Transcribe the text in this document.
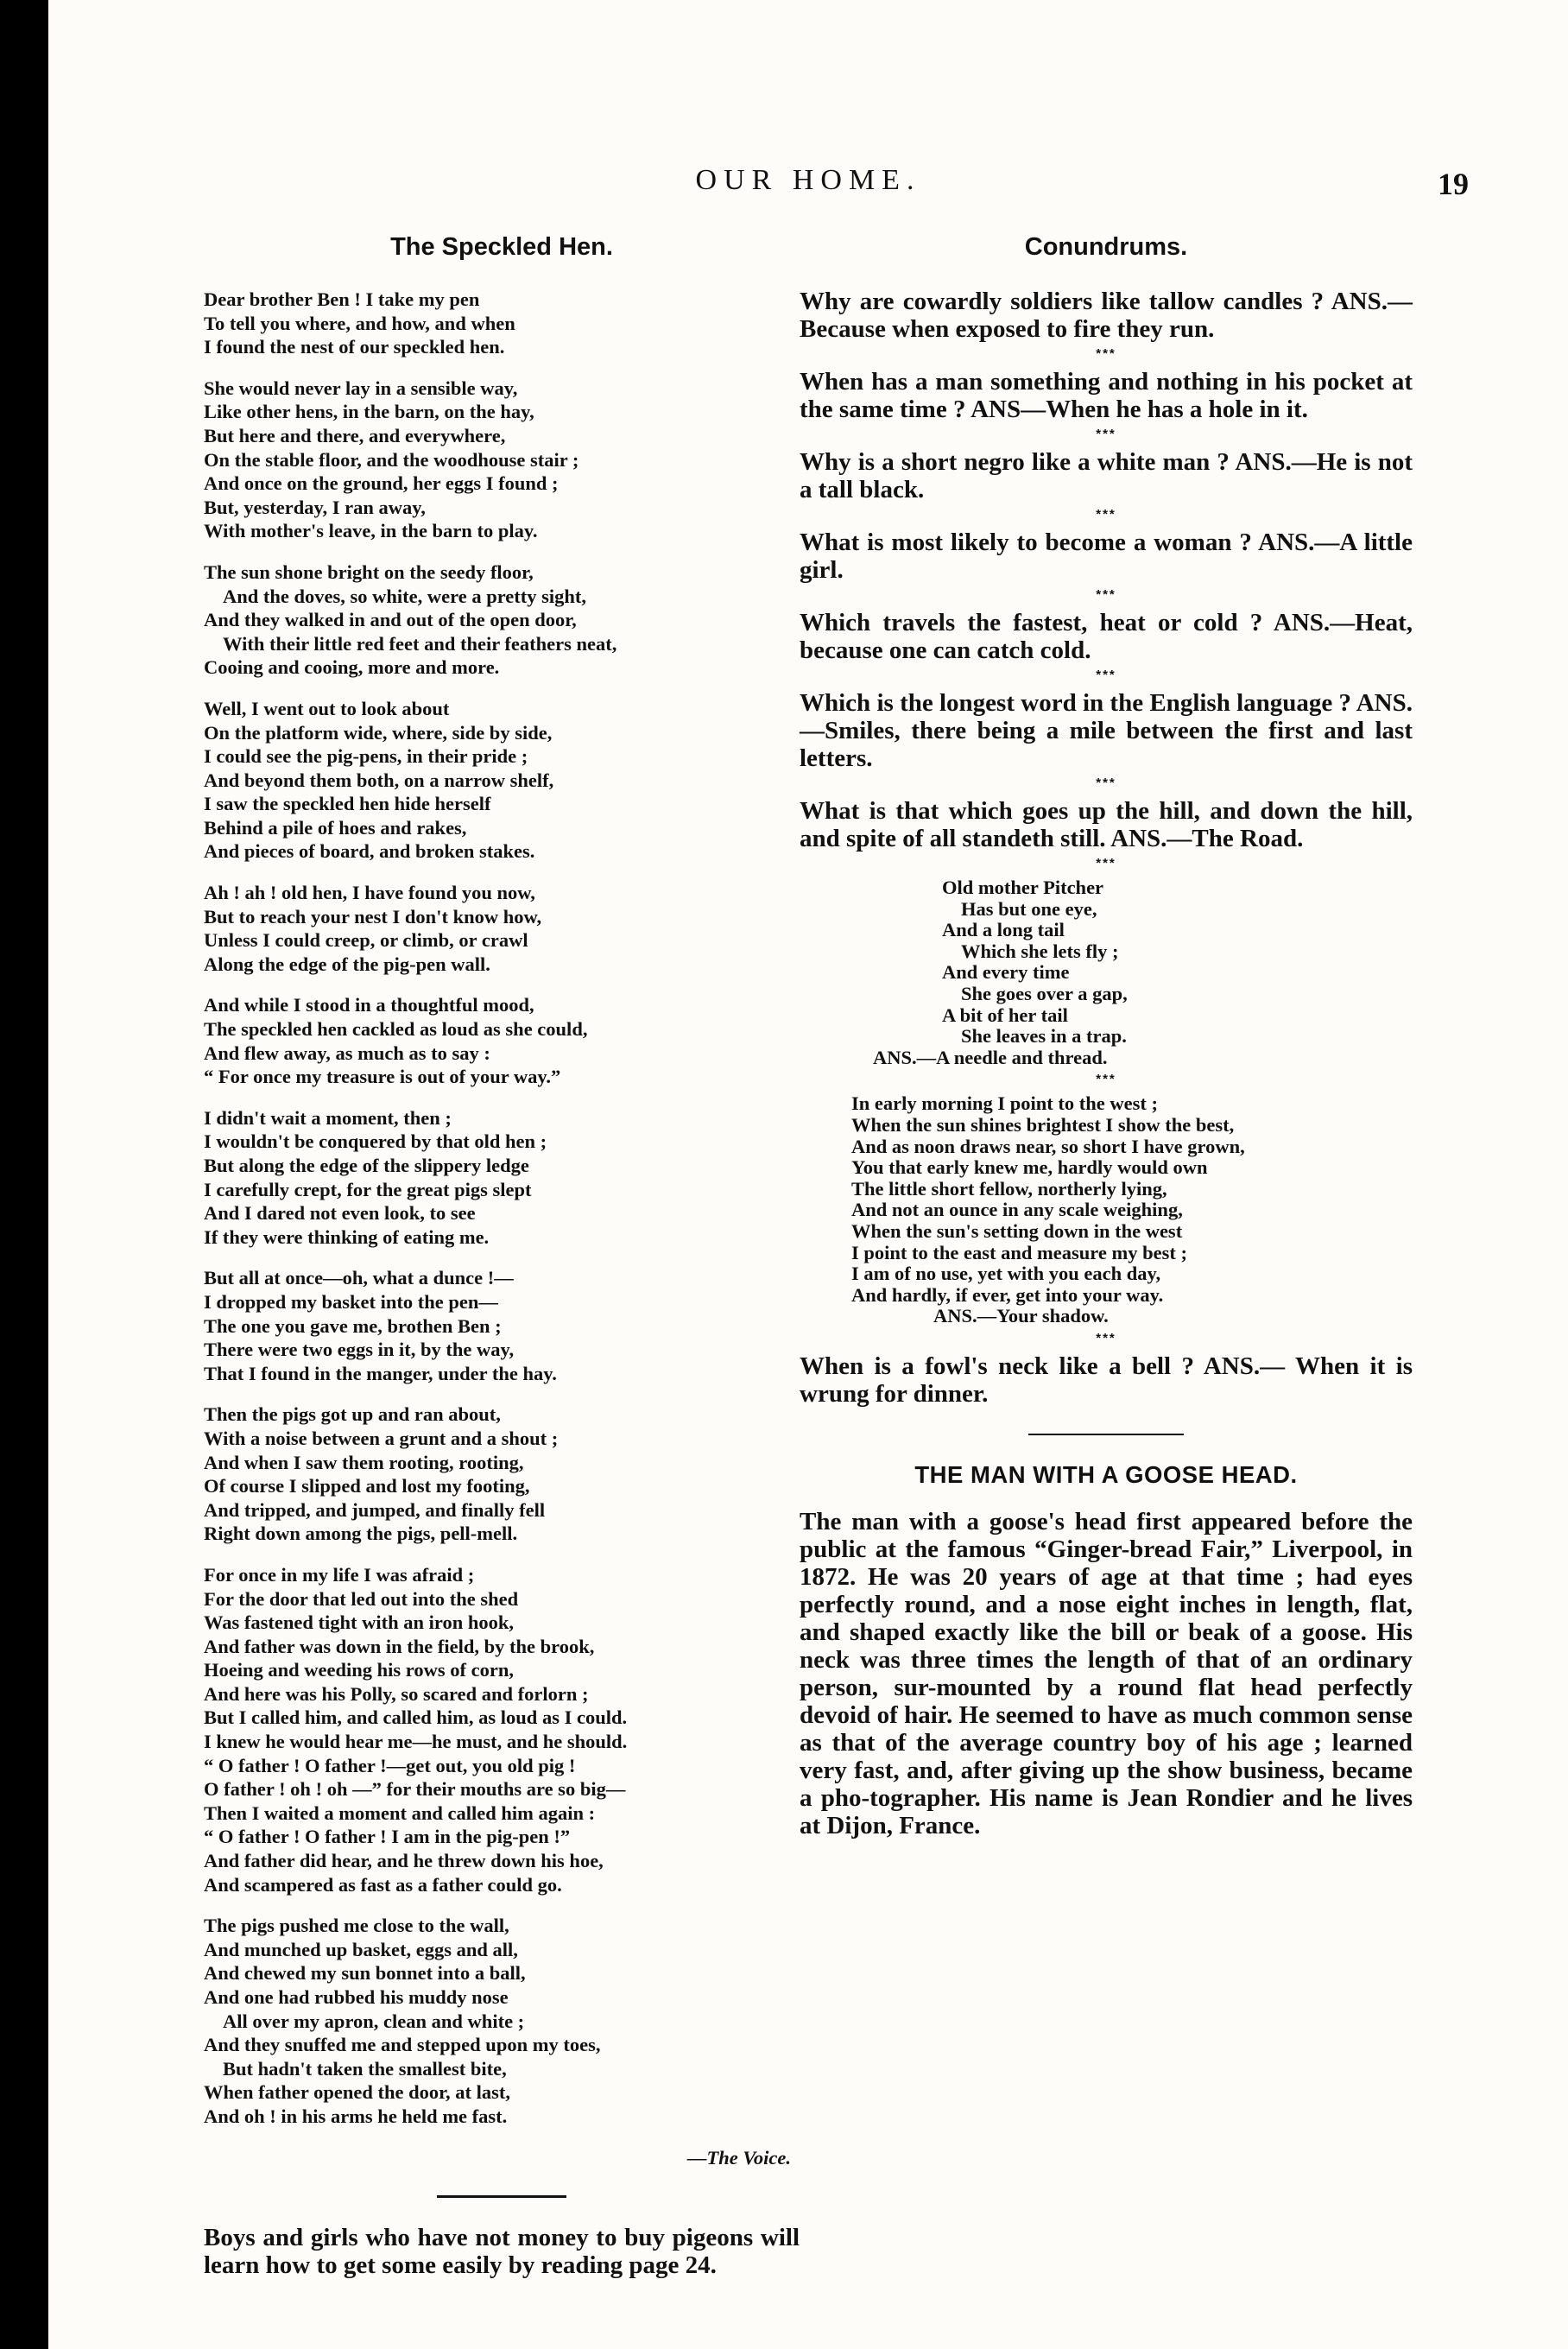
OUR HOME.	19
The Speckled Hen.
Dear brother Ben ! I take my pen
To tell you where, and how, and when
I found the nest of our speckled hen.
She would never lay in a sensible way,
Like other hens, in the barn, on the hay,
But here and there, and everywhere,
On the stable floor, and the woodhouse stair ;
And once on the ground, her eggs I found ;
But, yesterday, I ran away,
With mother's leave, in the barn to play.
The sun shone bright on the seedy floor,
And the doves, so white, were a pretty sight,
And they walked in and out of the open door,
With their little red feet and their feathers neat,
Cooing and cooing, more and more.
Well, I went out to look about
On the platform wide, where, side by side,
I could see the pig-pens, in their pride ;
And beyond them both, on a narrow shelf,
I saw the speckled hen hide herself
Behind a pile of hoes and rakes,
And pieces of board, and broken stakes.
Ah ! ah ! old hen, I have found you now,
But to reach your nest I don't know how,
Unless I could creep, or climb, or crawl
Along the edge of the pig-pen wall.
And while I stood in a thoughtful mood,
The speckled hen cackled as loud as she could,
And flew away, as much as to say :
“ For once my treasure is out of your way.”
I didn't wait a moment, then ;
I wouldn't be conquered by that old hen ;
But along the edge of the slippery ledge
I carefully crept, for the great pigs slept
And I dared not even look, to see
If they were thinking of eating me.
But all at once—oh, what a dunce !—
I dropped my basket into the pen—
The one you gave me, brothen Ben ;
There were two eggs in it, by the way,
That I found in the manger, under the hay.
Then the pigs got up and ran about,
With a noise between a grunt and a shout ;
And when I saw them rooting, rooting,
Of course I slipped and lost my footing,
And tripped, and jumped, and finally fell
Right down among the pigs, pell-mell.
For once in my life I was afraid ;
For the door that led out into the shed
Was fastened tight with an iron hook,
And father was down in the field, by the brook,
Hoeing and weeding his rows of corn,
And here was his Polly, so scared and forlorn ;
But I called him, and called him, as loud as I could.
I knew he would hear me—he must, and he should.
“ O father ! O father !—get out, you old pig !
O father ! oh ! oh —” for their mouths are so big—
Then I waited a moment and called him again :
“ O father ! O father ! I am in the pig-pen !”
And father did hear, and he threw down his hoe,
And scampered as fast as a father could go.
The pigs pushed me close to the wall,
And munched up basket, eggs and all,
And chewed my sun bonnet into a ball,
And one had rubbed his muddy nose
All over my apron, clean and white ;
And they snuffed me and stepped upon my toes,
But hadn't taken the smallest bite,
When father opened the door, at last,
And oh ! in his arms he held me fast.
—The Voice.

Boys and girls who have not money to buy pigeons will learn how to get some easily by reading page 24.

Conundrums.

Why are cowardly soldiers like tallow candles ? ANS.—Because when exposed to fire they run.

***

When has a man something and nothing in his pocket at the same time ? ANS—When he has a hole in it.

***

Why is a short negro like a white man ? ANS.—He is not a tall black.

***

What is most likely to become a woman ? ANS.—A little girl.

***

Which travels the fastest, heat or cold ? ANS.—Heat, because one can catch cold.

***

Which is the longest word in the English language ? ANS.—Smiles, there being a mile between the first and last letters.

***

What is that which goes up the hill, and down the hill, and spite of all standeth still. ANS.—The Road.

***
Old mother Pitcher
Has but one eye,
And a long tail
Which she lets fly ;
And every time
She goes over a gap,
A bit of her tail
She leaves in a trap.
ANS.—A needle and thread.
***
In early morning I point to the west ;
When the sun shines brightest I show the best,
And as noon draws near, so short I have grown,
You that early knew me, hardly would own
The little short fellow, northerly lying,
And not an ounce in any scale weighing,
When the sun's setting down in the west
I point to the east and measure my best ;
I am of no use, yet with you each day,
And hardly, if ever, get into your way.
ANS.—Your shadow.
***

When is a fowl's neck like a bell ? ANS.— When it is wrung for dinner.

THE MAN WITH A GOOSE HEAD.

The man with a goose's head first appeared before the public at the famous “Ginger-bread Fair,” Liverpool, in 1872. He was 20 years of age at that time ; had eyes perfectly round, and a nose eight inches in length, flat, and shaped exactly like the bill or beak of a goose. His neck was three times the length of that of an ordinary person, sur-mounted by a round flat head perfectly devoid of hair. He seemed to have as much common sense as that of the average country boy of his age ; learned very fast, and, after giving up the show business, became a pho-tographer. His name is Jean Rondier and he lives at Dijon, France.
